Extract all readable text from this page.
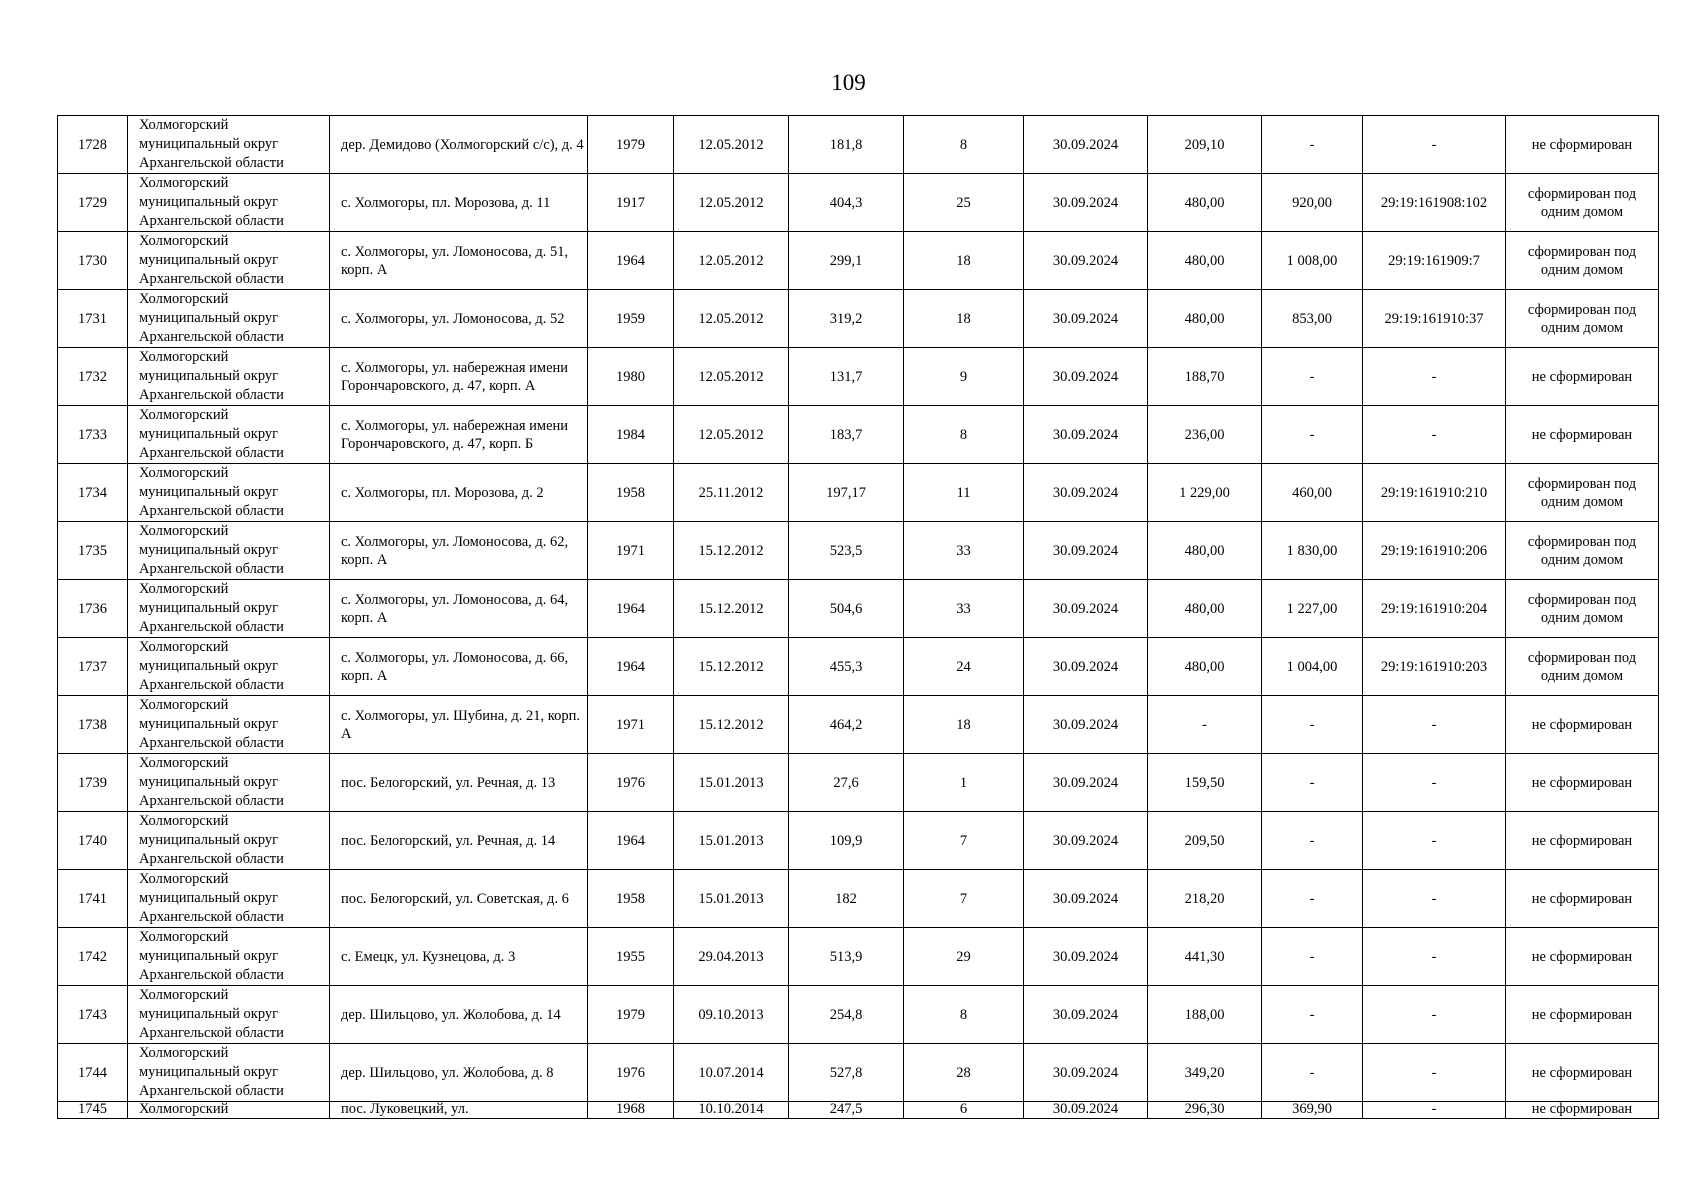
109
1728	Холмогорский муниципальный округ Архангельской области	дер. Демидово (Холмогорский с/с), д. 4	1979	12.05.2012	181,8	8	30.09.2024	209,10	-	-	не сформирован
1729	Холмогорский муниципальный округ Архангельской области	с. Холмогоры, пл. Морозова, д. 11	1917	12.05.2012	404,3	25	30.09.2024	480,00	920,00	29:19:161908:102	сформирован под одним домом
1730	Холмогорский муниципальный округ Архангельской области	с. Холмогоры, ул. Ломоносова, д. 51, корп. А	1964	12.05.2012	299,1	18	30.09.2024	480,00	1 008,00	29:19:161909:7	сформирован под одним домом
1731	Холмогорский муниципальный округ Архангельской области	с. Холмогоры, ул. Ломоносова, д. 52	1959	12.05.2012	319,2	18	30.09.2024	480,00	853,00	29:19:161910:37	сформирован под одним домом
1732	Холмогорский муниципальный округ Архангельской области	с. Холмогоры, ул. набережная имени Горончаровского, д. 47, корп. А	1980	12.05.2012	131,7	9	30.09.2024	188,70	-	-	не сформирован
1733	Холмогорский муниципальный округ Архангельской области	с. Холмогоры, ул. набережная имени Горончаровского, д. 47, корп. Б	1984	12.05.2012	183,7	8	30.09.2024	236,00	-	-	не сформирован
1734	Холмогорский муниципальный округ Архангельской области	с. Холмогоры, пл. Морозова, д. 2	1958	25.11.2012	197,17	11	30.09.2024	1 229,00	460,00	29:19:161910:210	сформирован под одним домом
1735	Холмогорский муниципальный округ Архангельской области	с. Холмогоры, ул. Ломоносова, д. 62, корп. А	1971	15.12.2012	523,5	33	30.09.2024	480,00	1 830,00	29:19:161910:206	сформирован под одним домом
1736	Холмогорский муниципальный округ Архангельской области	с. Холмогоры, ул. Ломоносова, д. 64, корп. А	1964	15.12.2012	504,6	33	30.09.2024	480,00	1 227,00	29:19:161910:204	сформирован под одним домом
1737	Холмогорский муниципальный округ Архангельской области	с. Холмогоры, ул. Ломоносова, д. 66, корп. А	1964	15.12.2012	455,3	24	30.09.2024	480,00	1 004,00	29:19:161910:203	сформирован под одним домом
1738	Холмогорский муниципальный округ Архангельской области	с. Холмогоры, ул. Шубина, д. 21, корп. А	1971	15.12.2012	464,2	18	30.09.2024	-	-	-	не сформирован
1739	Холмогорский муниципальный округ Архангельской области	пос. Белогорский, ул. Речная, д. 13	1976	15.01.2013	27,6	1	30.09.2024	159,50	-	-	не сформирован
1740	Холмогорский муниципальный округ Архангельской области	пос. Белогорский, ул. Речная, д. 14	1964	15.01.2013	109,9	7	30.09.2024	209,50	-	-	не сформирован
1741	Холмогорский муниципальный округ Архангельской области	пос. Белогорский, ул. Советская, д. 6	1958	15.01.2013	182	7	30.09.2024	218,20	-	-	не сформирован
1742	Холмогорский муниципальный округ Архангельской области	с. Емецк, ул. Кузнецова, д. 3	1955	29.04.2013	513,9	29	30.09.2024	441,30	-	-	не сформирован
1743	Холмогорский муниципальный округ Архангельской области	дер. Шильцово, ул. Жолобова, д. 14	1979	09.10.2013	254,8	8	30.09.2024	188,00	-	-	не сформирован
1744	Холмогорский муниципальный округ Архангельской области	дер. Шильцово, ул. Жолобова, д. 8	1976	10.07.2014	527,8	28	30.09.2024	349,20	-	-	не сформирован
1745	Холмогорский	пос. Луковецкий, ул.	1968	10.10.2014	247,5	6	30.09.2024	296,30	369,90	-	не сформирован
